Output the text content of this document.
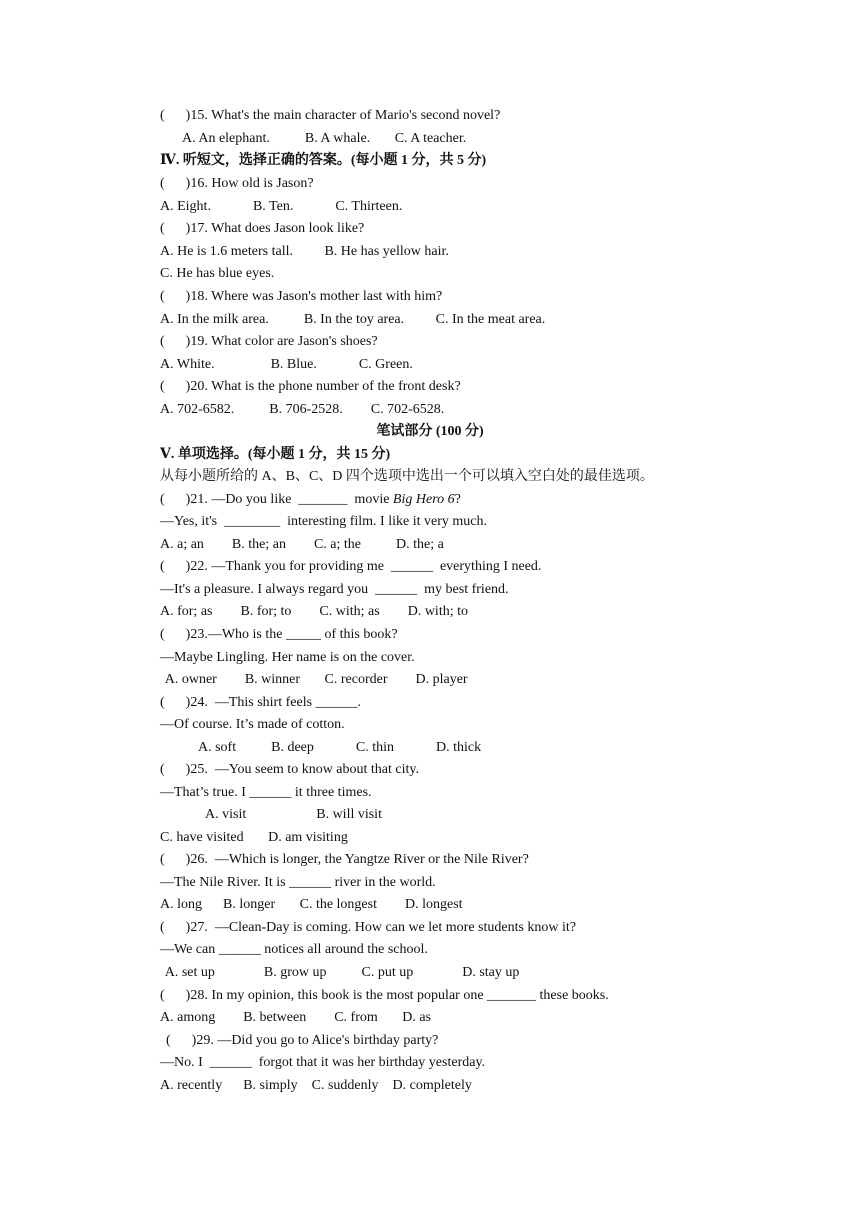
(      )15. What's the main character of Mario's second novel?
A. An elephant.          B. A whale.       C. A teacher.
Ⅳ. 听短文，选择正确的答案。(每小题 1 分，共 5 分)
(      )16. How old is Jason?
A. Eight.            B. Ten.            C. Thirteen.
(      )17. What does Jason look like?
A. He is 1.6 meters tall.         B. He has yellow hair.
C. He has blue eyes.
(      )18. Where was Jason's mother last with him?
A. In the milk area.          B. In the toy area.         C. In the meat area.
(      )19. What color are Jason's shoes?
A. White.                B. Blue.            C. Green.
(      )20. What is the phone number of the front desk?
A. 702-6582.          B. 706-2528.        C. 702-6528.
笔试部分 (100 分)
Ⅴ. 单项选择。(每小题 1 分，共 15 分)
从每小题所给的 A、B、C、D 四个选项中选出一个可以填入空白处的最佳选项。
(      )21. —Do you like  _______  movie Big Hero 6?
—Yes, it's  ________  interesting film. I like it very much.
A. a; an        B. the; an        C. a; the          D. the; a
(      )22. —Thank you for providing me  ______  everything I need.
—It's a pleasure. I always regard you  ______  my best friend.
A. for; as        B. for; to        C. with; as        D. with; to
(      )23.—Who is the _____ of this book?
—Maybe Lingling. Her name is on the cover.
A. owner        B. winner       C. recorder        D. player
(      )24.  —This shirt feels ______.
—Of course. It’s made of cotton.
A. soft          B. deep            C. thin            D. thick
(      )25.  —You seem to know about that city.
—That’s true. I ______ it three times.
A. visit                    B. will visit
C. have visited       D. am visiting
(      )26.  —Which is longer, the Yangtze River or the Nile River?
—The Nile River. It is ______ river in the world.
A. long      B. longer       C. the longest        D. longest
(      )27.  —Clean-Day is coming. How can we let more students know it?
—We can ______ notices all around the school.
A. set up              B. grow up          C. put up              D. stay up
(      )28. In my opinion, this book is the most popular one _______ these books.
A. among        B. between        C. from       D. as
(      )29. —Did you go to Alice's birthday party?
—No. I  ______  forgot that it was her birthday yesterday.
A. recently      B. simply    C. suddenly    D. completely
